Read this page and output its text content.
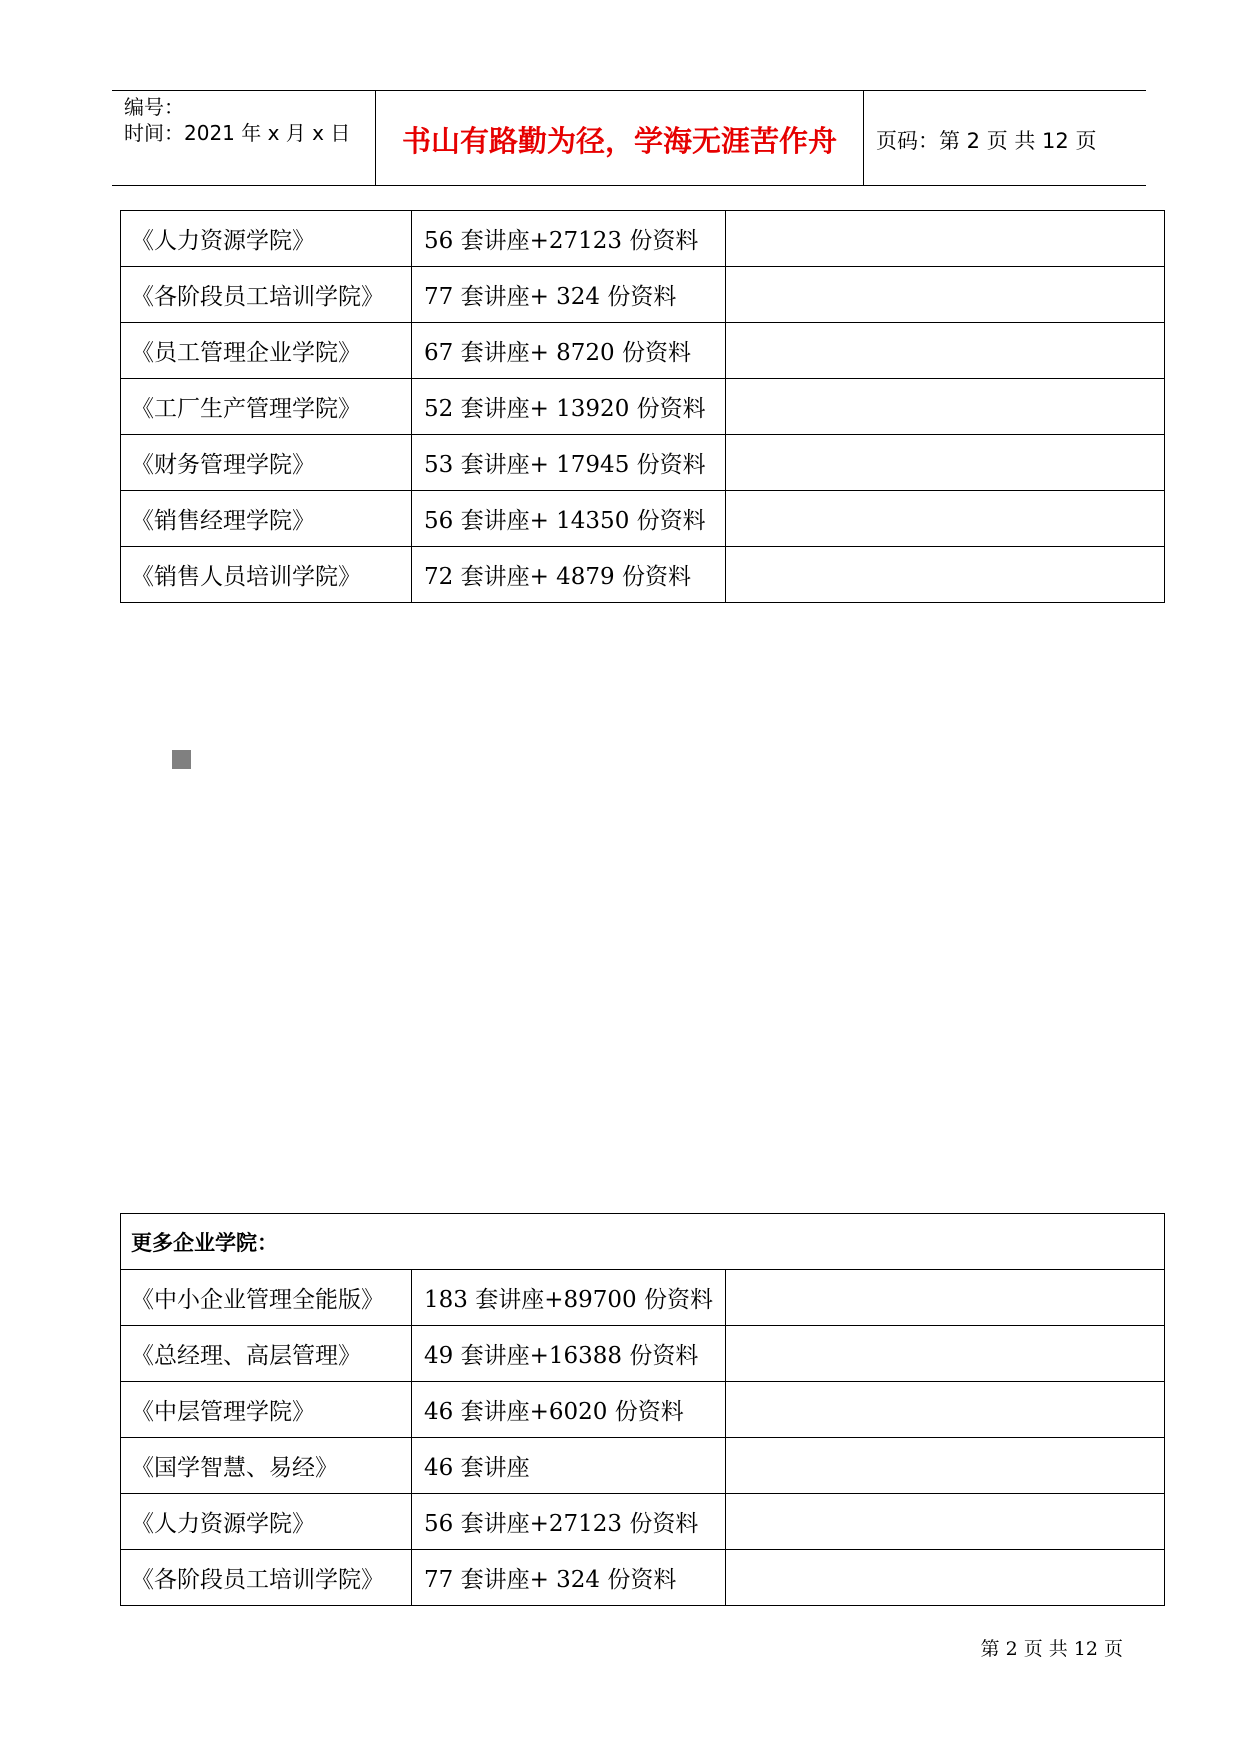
编号：
时间：2021 年 x 月 x 日	书山有路勤为径，学海无涯苦作舟	页码：第 2 页 共 12 页
《人力资源学院》	56 套讲座+27123 份资料	
《各阶段员工培训学院》	77 套讲座+ 324 份资料	
《员工管理企业学院》	67 套讲座+ 8720 份资料	
《工厂生产管理学院》	52 套讲座+ 13920 份资料	
《财务管理学院》	53 套讲座+ 17945 份资料	
《销售经理学院》	56 套讲座+ 14350 份资料	
《销售人员培训学院》	72 套讲座+ 4879 份资料	
更多企业学院：		
《中小企业管理全能版》	183 套讲座+89700 份资料	
《总经理、高层管理》	49 套讲座+16388 份资料	
《中层管理学院》	46 套讲座+6020 份资料	
《国学智慧、易经》	46 套讲座	
《人力资源学院》	56 套讲座+27123 份资料	
《各阶段员工培训学院》	77 套讲座+ 324 份资料	
第 2 页 共 12 页
